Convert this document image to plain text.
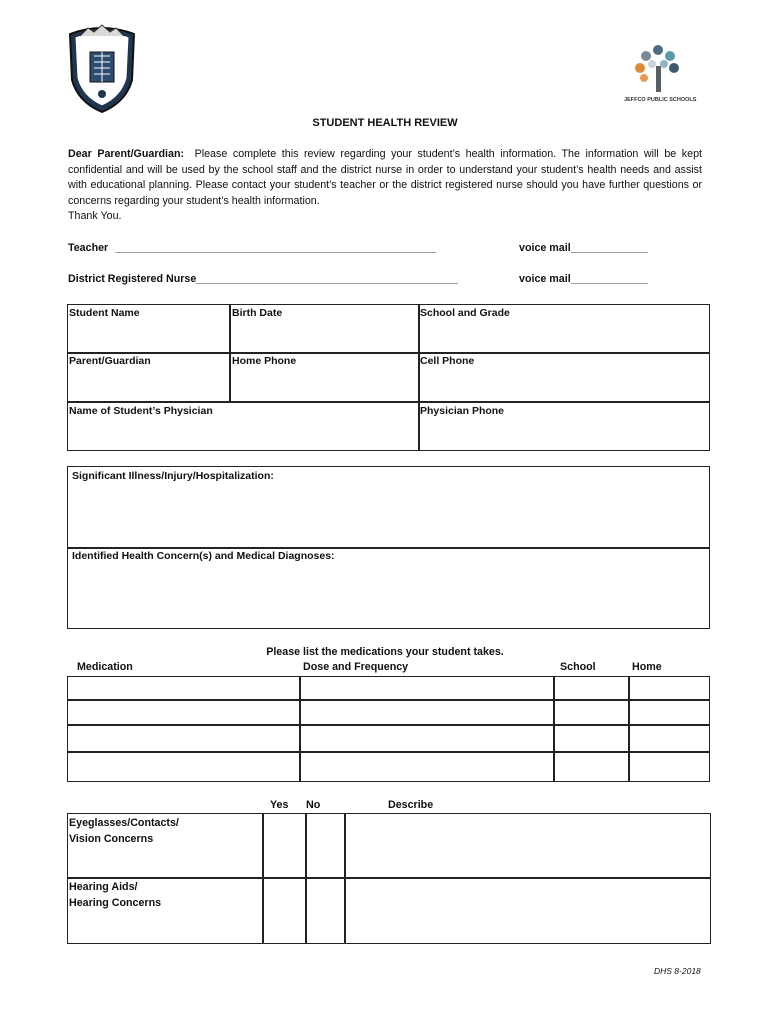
JEFFCO PUBLIC SCHOOLS
STUDENT HEALTH REVIEW
Dear Parent/Guardian: Please complete this review regarding your student’s health information. The information will be kept confidential and will be used by the school staff and the district nurse in order to understand your student’s health needs and assist with educational planning. Please contact your student’s teacher or the district registered nurse should you have further questions or concerns regarding your student’s health information.
Thank You.
Teacher ______________________________________________________	voice mail_____________
District Registered Nurse____________________________________________	voice mail_____________
Student Name	Birth Date	School and Grade
Parent/Guardian	Home Phone	Cell Phone
Name of Student’s Physician	Physician Phone
Significant Illness/Injury/Hospitalization:
Identified Health Concern(s) and Medical Diagnoses:
Please list the medications your student takes.
Medication	Dose and Frequency	School	Home
Yes No	Describe
Eyeglasses/Contacts/
Vision Concerns
Hearing Aids/
Hearing Concerns
DHS 8-2018
